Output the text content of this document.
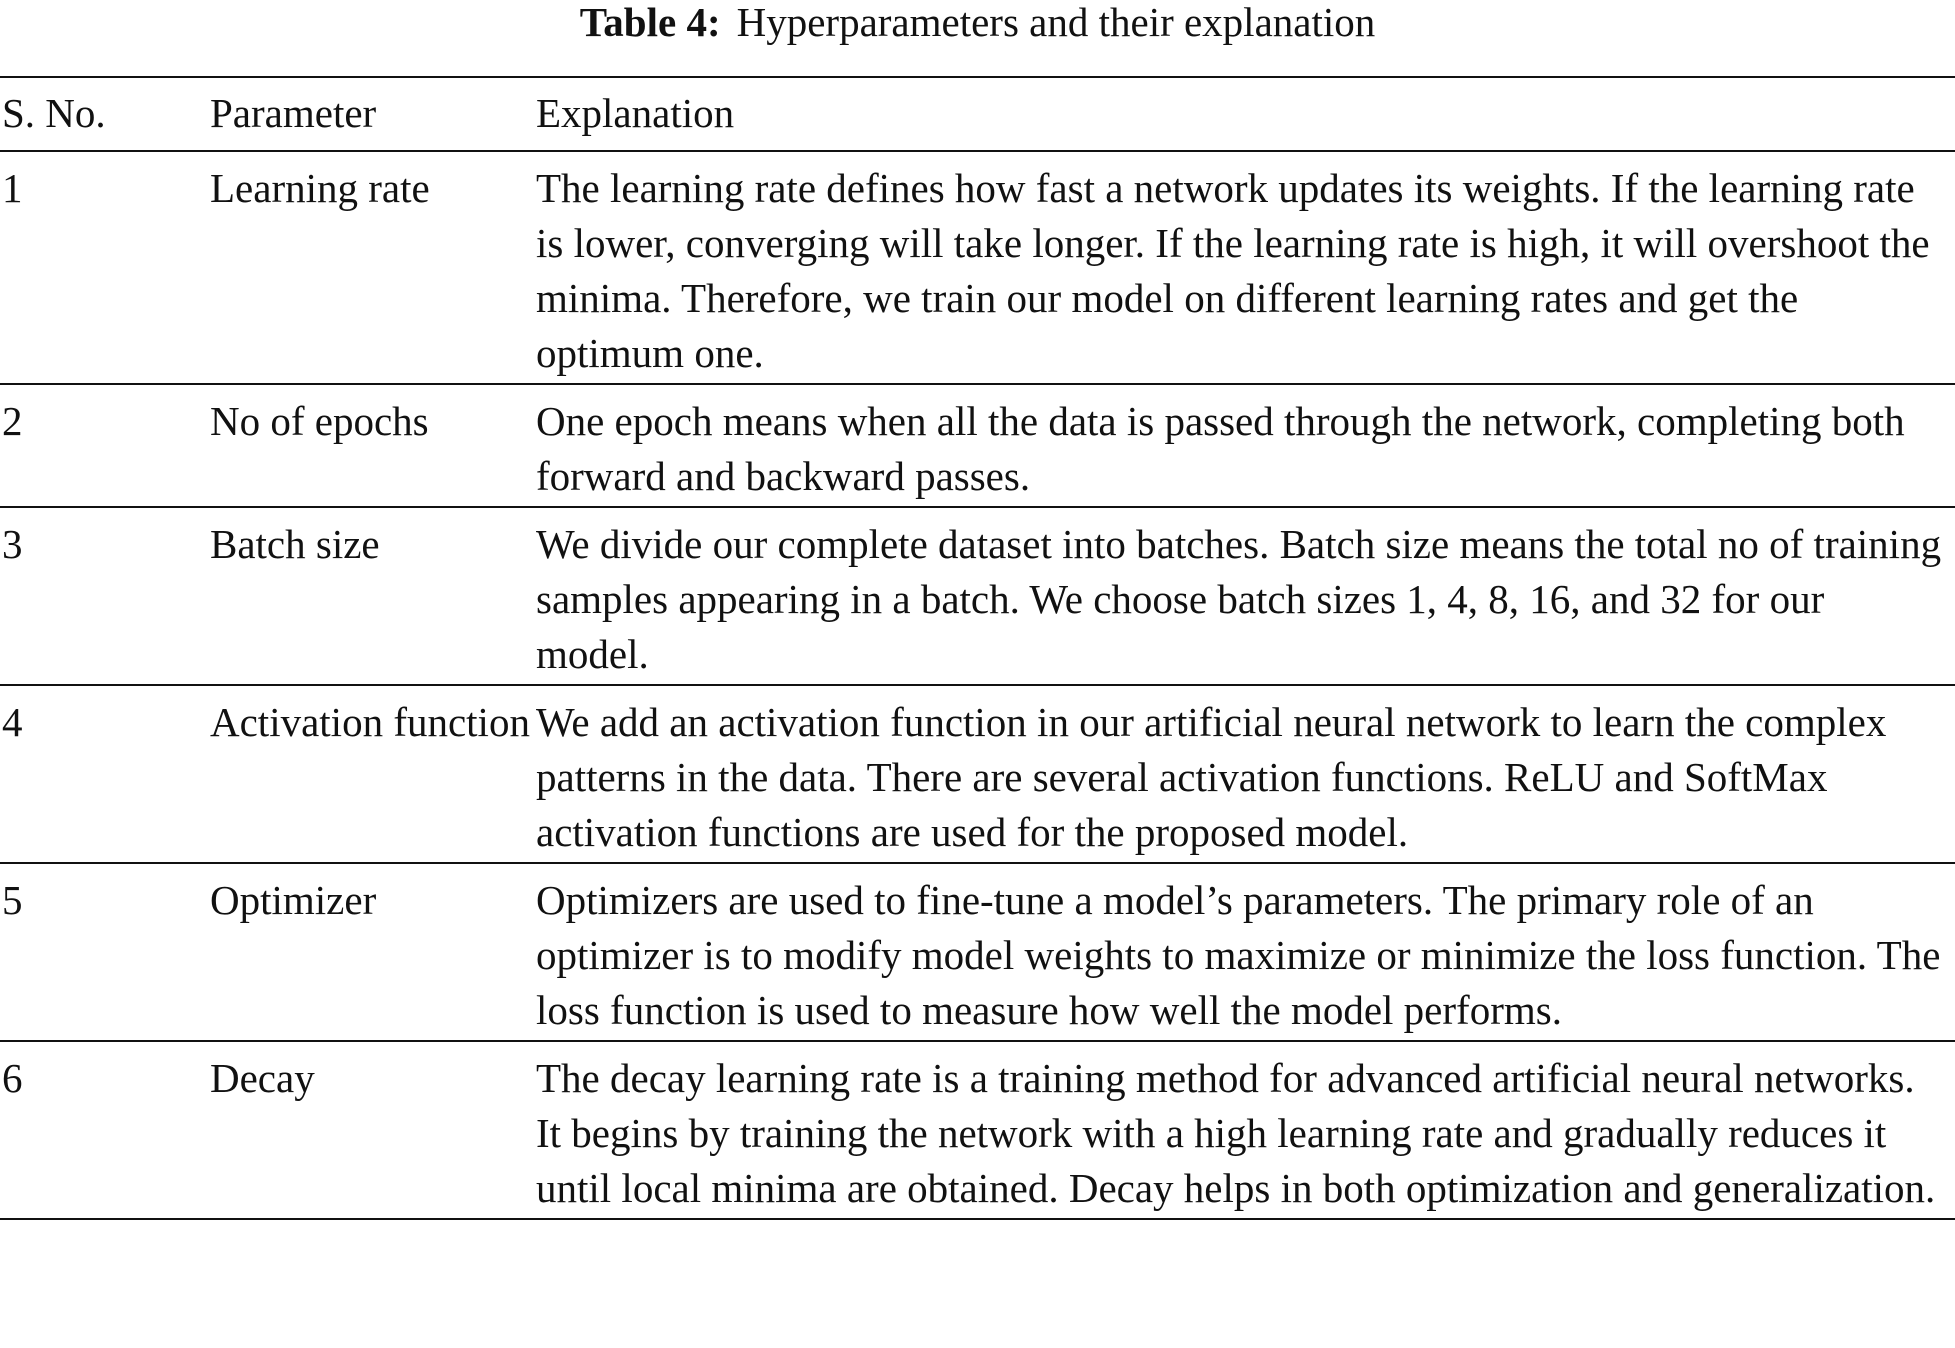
Table 4: Hyperparameters and their explanation
S. No.	Parameter	Explanation
1	Learning rate	The learning rate defines how fast a network updates its weights. If the learning rate is lower, converging will take longer. If the learning rate is high, it will overshoot the minima. Therefore, we train our model on different learning rates and get the optimum one.
2	No of epochs	One epoch means when all the data is passed through the network, completing both forward and backward passes.
3	Batch size	We divide our complete dataset into batches. Batch size means the total no of training samples appearing in a batch. We choose batch sizes 1, 4, 8, 16, and 32 for our model.
4	Activation function	We add an activation function in our artificial neural network to learn the complex patterns in the data. There are several activation functions. ReLU and SoftMax activation functions are used for the proposed model.
5	Optimizer	Optimizers are used to fine-tune a model’s parameters. The primary role of an optimizer is to modify model weights to maximize or minimize the loss function. The loss function is used to measure how well the model performs.
6	Decay	The decay learning rate is a training method for advanced artificial neural networks. It begins by training the network with a high learning rate and gradually reduces it until local minima are obtained. Decay helps in both optimization and generalization.
